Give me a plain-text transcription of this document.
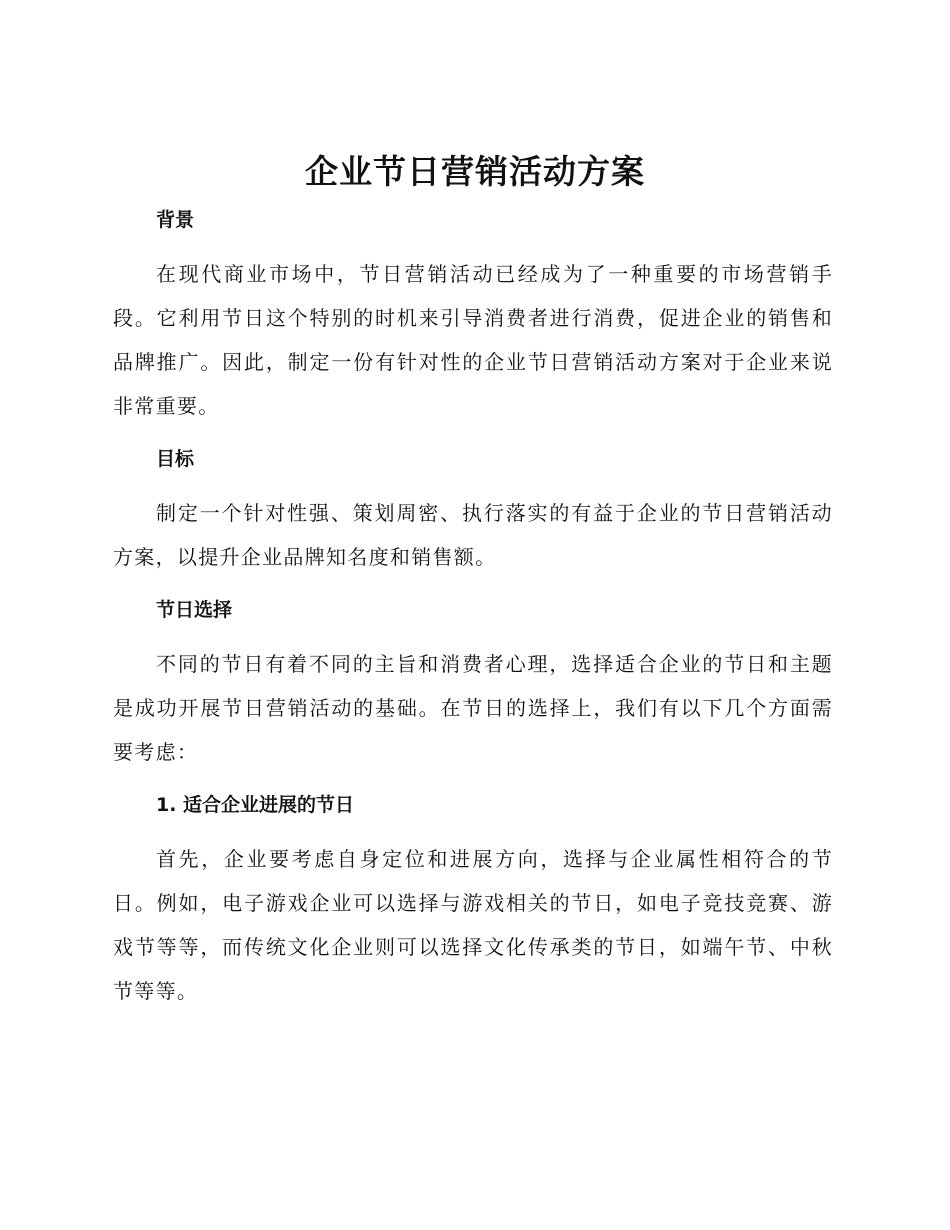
企业节日营销活动方案
背景

在现代商业市场中，节日营销活动已经成为了一种重要的市场营销手段。它利用节日这个特别的时机来引导消费者进行消费，促进企业的销售和品牌推广。因此，制定一份有针对性的企业节日营销活动方案对于企业来说非常重要。

目标

制定一个针对性强、策划周密、执行落实的有益于企业的节日营销活动方案，以提升企业品牌知名度和销售额。

节日选择

不同的节日有着不同的主旨和消费者心理，选择适合企业的节日和主题是成功开展节日营销活动的基础。在节日的选择上，我们有以下几个方面需要考虑：

1. 适合企业进展的节日

首先，企业要考虑自身定位和进展方向，选择与企业属性相符合的节日。例如，电子游戏企业可以选择与游戏相关的节日，如电子竞技竞赛、游戏节等等，而传统文化企业则可以选择文化传承类的节日，如端午节、中秋节等等。
